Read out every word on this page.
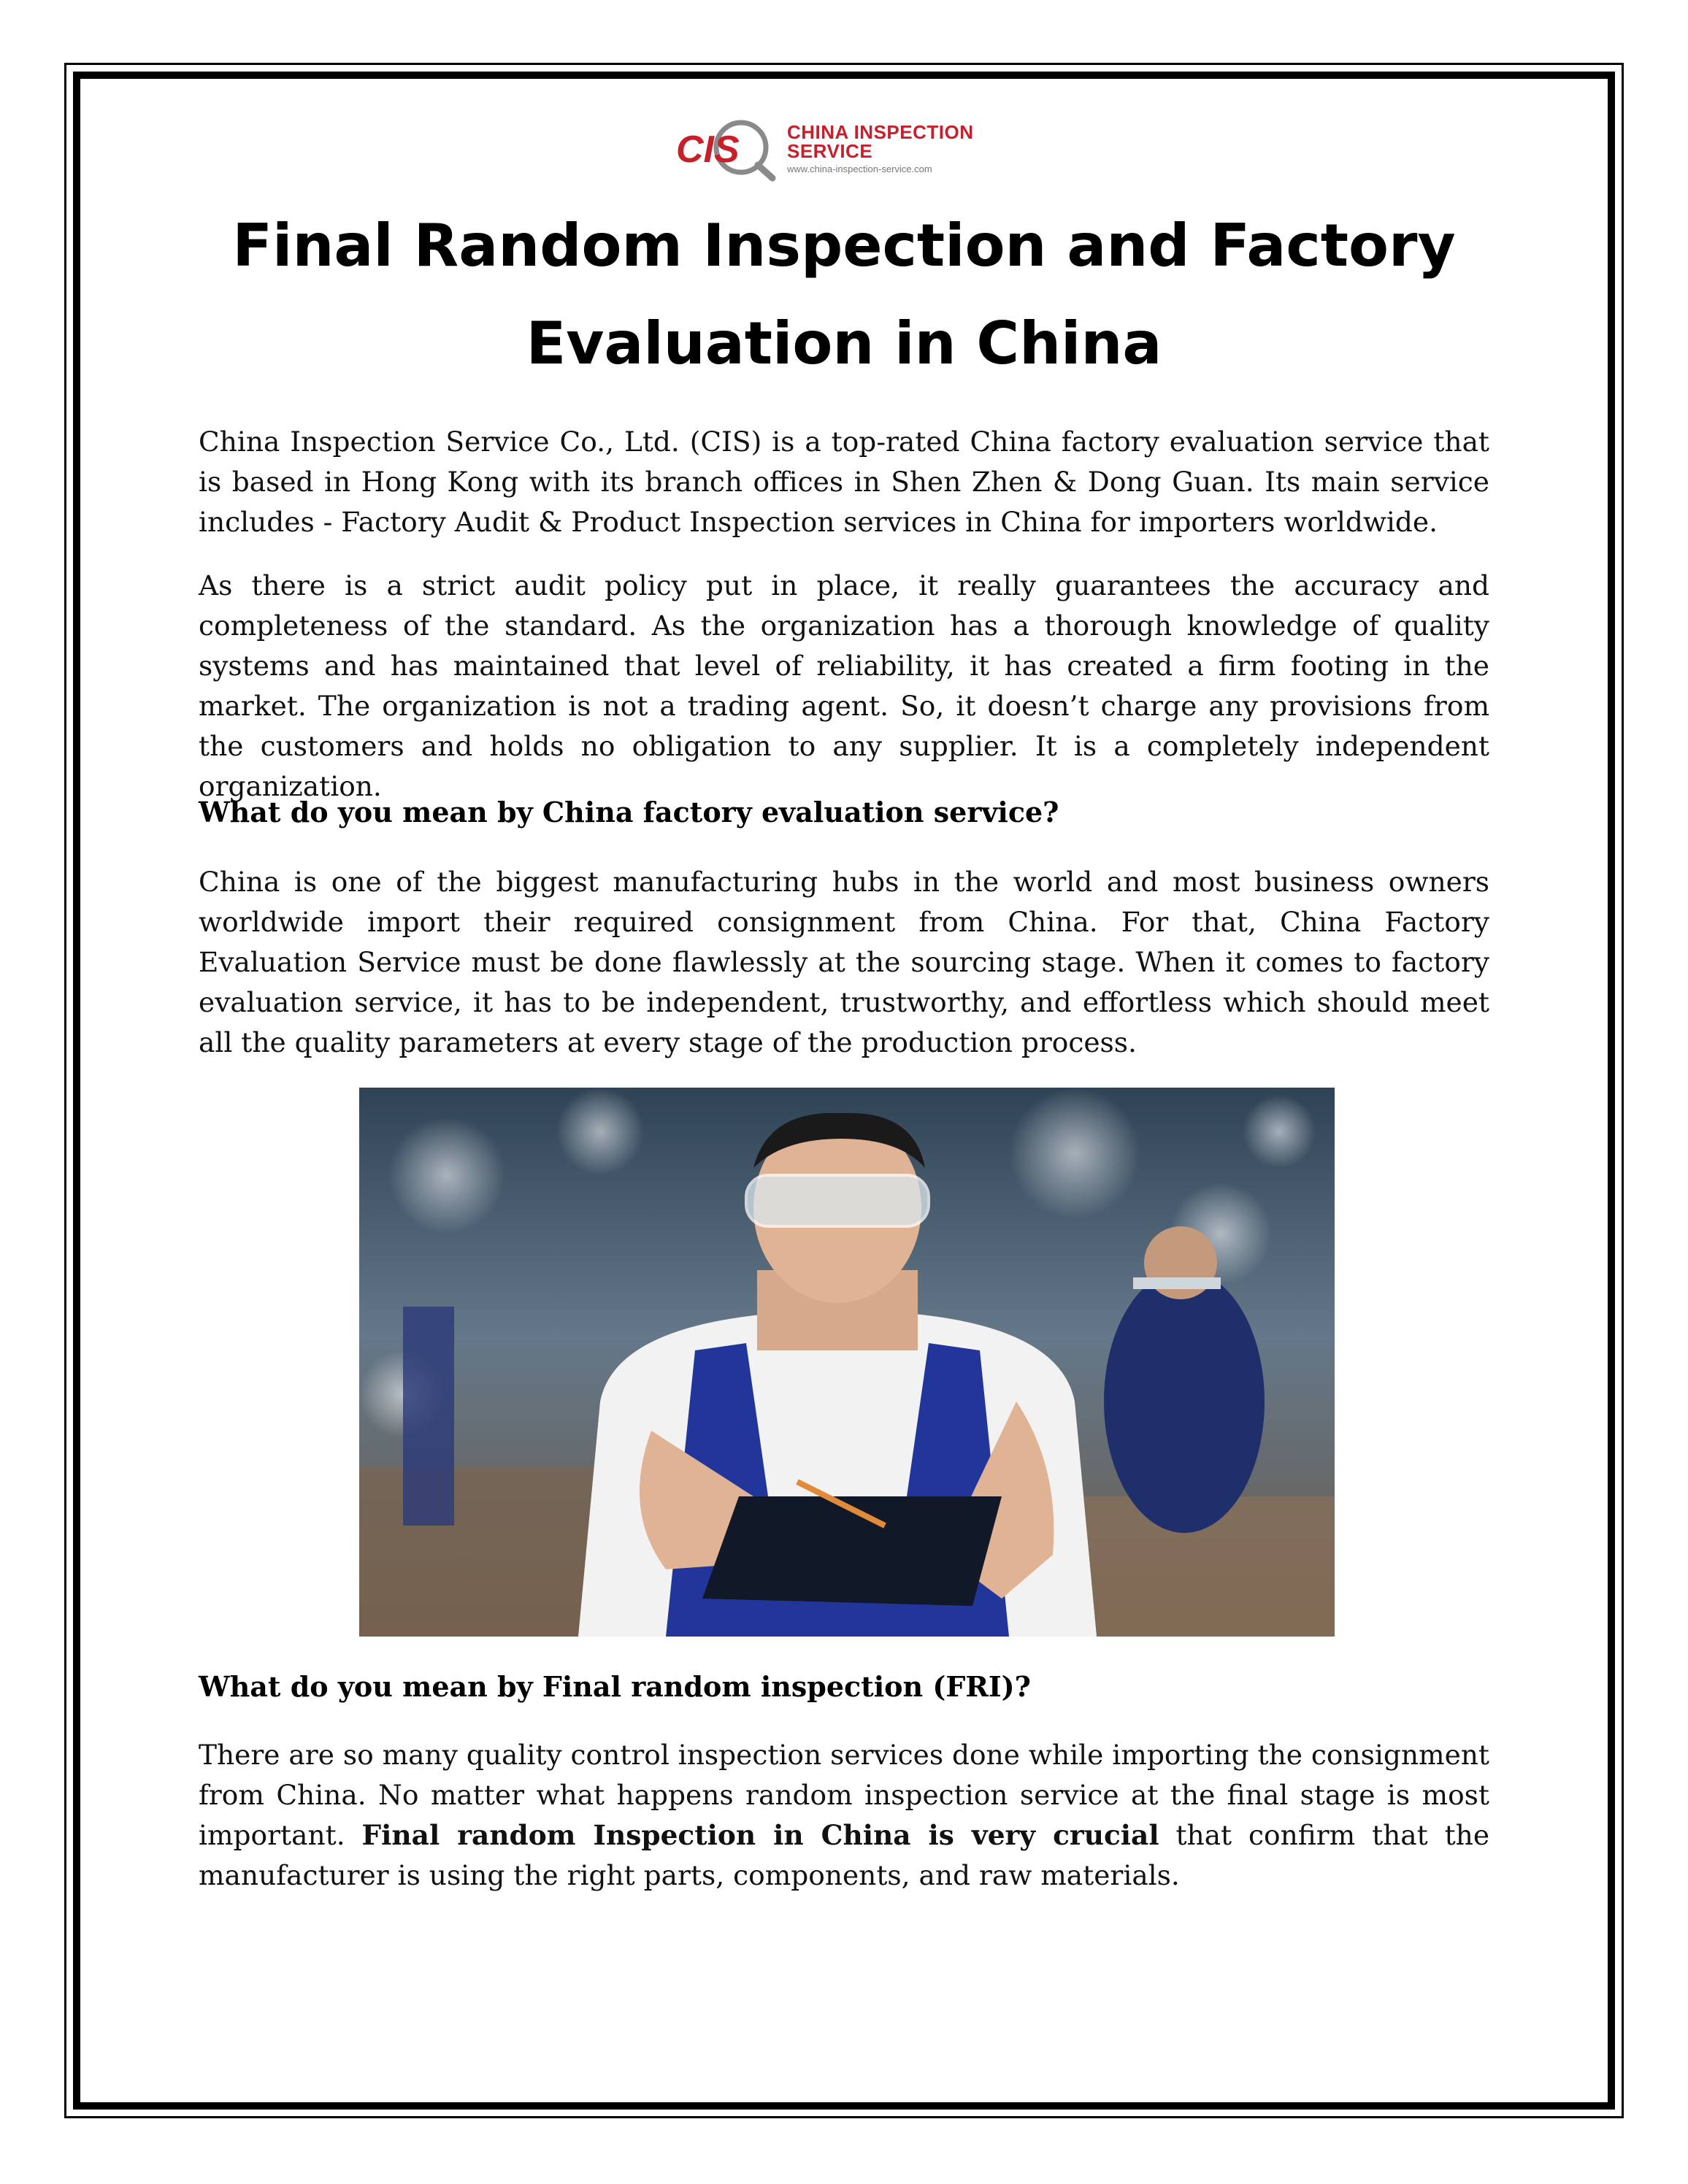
CIS	CHINA INSPECTION
SERVICE
www.china-inspection-service.com
Final Random Inspection and Factory Evaluation in China

China Inspection Service Co., Ltd. (CIS) is a top-rated China factory evaluation service that is based in Hong Kong with its branch offices in Shen Zhen & Dong Guan. Its main service includes - Factory Audit & Product Inspection services in China for importers worldwide.

As there is a strict audit policy put in place, it really guarantees the accuracy and completeness of the standard. As the organization has a thorough knowledge of quality systems and has maintained that level of reliability, it has created a firm footing in the market. The organization is not a trading agent. So, it doesn’t charge any provisions from the customers and holds no obligation to any supplier. It is a completely independent organization.

What do you mean by China factory evaluation service?

China is one of the biggest manufacturing hubs in the world and most business owners worldwide import their required consignment from China. For that, China Factory Evaluation Service must be done flawlessly at the sourcing stage. When it comes to factory evaluation service, it has to be independent, trustworthy, and effortless which should meet all the quality parameters at every stage of the production process.

What do you mean by Final random inspection (FRI)?

There are so many quality control inspection services done while importing the consignment from China. No matter what happens random inspection service at the final stage is most important. Final random Inspection in China is very crucial that confirm that the manufacturer is using the right parts, components, and raw materials.
